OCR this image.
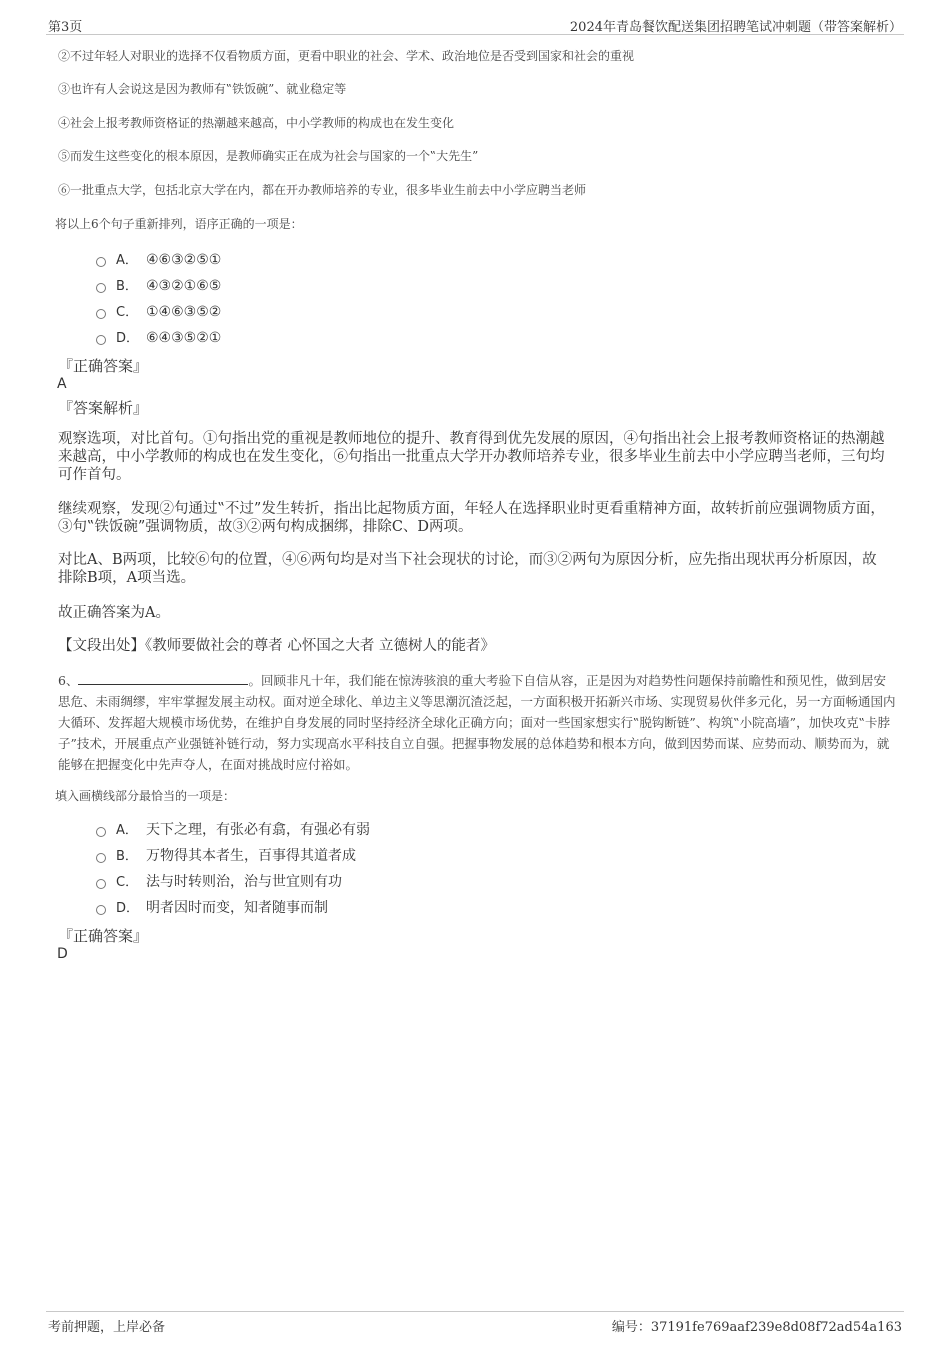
第3页	2024年青岛餐饮配送集团招聘笔试冲刺题（带答案解析）
②不过年轻人对职业的选择不仅看物质方面，更看中职业的社会、学术、政治地位是否受到国家和社会的重视
③也许有人会说这是因为教师有‟铁饭碗”、就业稳定等
④社会上报考教师资格证的热潮越来越高，中小学教师的构成也在发生变化
⑤而发生这些变化的根本原因，是教师确实正在成为社会与国家的一个‟大先生”
⑥一批重点大学，包括北京大学在内，都在开办教师培养的专业，很多毕业生前去中小学应聘当老师
将以上6个句子重新排列，语序正确的一项是：
A． ④⑥③②⑤①
B． ④③②①⑥⑤
C． ①④⑥③⑤②
D． ⑥④③⑤②①
『正确答案』
A
『答案解析』
观察选项，对比首句。①句指出党的重视是教师地位的提升、教育得到优先发展的原因，④句指出社会上报考教师资格证的热潮越来越高，中小学教师的构成也在发生变化，⑥句指出一批重点大学开办教师培养专业，很多毕业生前去中小学应聘当老师，三句均可作首句。
继续观察，发现②句通过‟不过”发生转折，指出比起物质方面，年轻人在选择职业时更看重精神方面，故转折前应强调物质方面，③句‟铁饭碗”强调物质，故③②两句构成捆绑，排除C、D两项。
对比A、B两项，比较⑥句的位置，④⑥两句均是对当下社会现状的讨论，而③②两句为原因分析，应先指出现状再分析原因，故排除B项，A项当选。
故正确答案为A。
【文段出处】《教师要做社会的尊者 心怀国之大者 立德树人的能者》
6、	。回顾非凡十年，我们能在惊涛骇浪的重大考验下自信从容，正是因为对趋势性问题保持前瞻性和预见性，做到居安思危、未雨绸缪，牢牢掌握发展主动权。面对逆全球化、单边主义等思潮沉渣泛起，一方面积极开拓新兴市场、实现贸易伙伴多元化，另一方面畅通国内大循环、发挥超大规模市场优势，在维护自身发展的同时坚持经济全球化正确方向；面对一些国家想实行‟脱钩断链”、构筑‟小院高墙”，加快攻克‟卡脖子”技术，开展重点产业强链补链行动，努力实现高水平科技自立自强。把握事物发展的总体趋势和根本方向，做到因势而谋、应势而动、顺势而为，就能够在把握变化中先声夺人，在面对挑战时应付裕如。
填入画横线部分最恰当的一项是：
A． 天下之理，有张必有翕，有强必有弱
B． 万物得其本者生，百事得其道者成
C． 法与时转则治，治与世宜则有功
D． 明者因时而变，知者随事而制
『正确答案』
D
考前押题，上岸必备	编号：37191fe769aaf239e8d08f72ad54a163
